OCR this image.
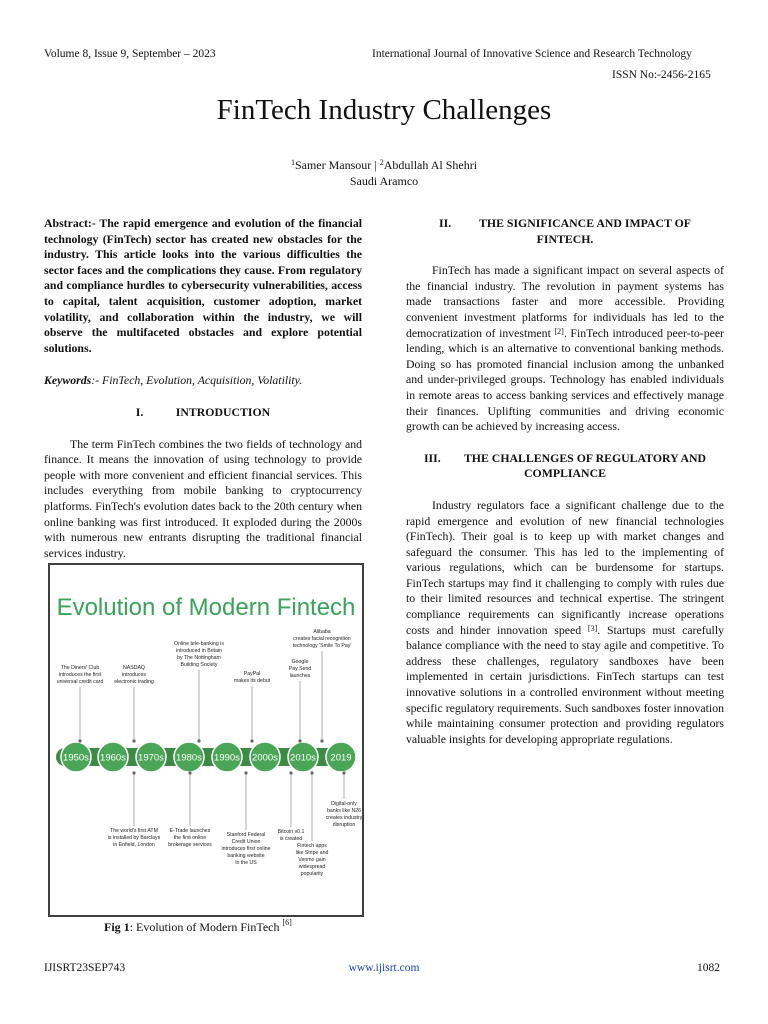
Volume 8, Issue 9, September – 2023	International Journal of Innovative Science and Research Technology
ISSN No:-2456-2165
FinTech Industry Challenges
$^1$Samer Mansour | $^2$Abdullah Al Shehri
Saudi Aramco

Abstract:- The rapid emergence and evolution of the financial technology (FinTech) sector has created new obstacles for the industry. This article looks into the various difficulties the sector faces and the complications they cause. From regulatory and compliance hurdles to cybersecurity vulnerabilities, access to capital, talent acquisition, customer adoption, market volatility, and collaboration within the industry, we will observe the multifaceted obstacles and explore potential solutions.

Keywords:- FinTech, Evolution, Acquisition, Volatility.

I.	INTRODUCTION

The term FinTech combines the two fields of technology and finance. It means the innovation of using technology to provide people with more convenient and efficient financial services. This includes everything from mobile banking to cryptocurrency platforms. FinTech's evolution dates back to the 20th century when online banking was first introduced. It exploded during the 2000s with numerous new entrants disrupting the traditional financial services industry.

Evolution of Modern Fintech
1950s 1960s 1970s 1980s 1990s 2000s 2010s 2019
The Diners' Club
introduces the first
universal credit card
NASDAQ
introduces
electronic trading
Online tele-banking is
introduced in Britain
by The Nottingham
Building Society
PayPal
makes its debut
Google
Pay Send
launches
Alibaba
creates facial recognition
technology 'Smile To Pay'
The world's first ATM
is installed by Barclays
in Enfield, London
E-Trade launches
the first online
brokerage services
Stanford Federal
Credit Union
introduces first online
banking website
in the US
Bitcoin v0.1
is created
Fintech apps
like Stripe and
Venmo gain
widespread
popularity
Digital-only
banks like N26
creates industry
disruption
Fig 1: Evolution of Modern FinTech [6]

II. THE SIGNIFICANCE AND IMPACT OF
FINTECH.

FinTech has made a significant impact on several aspects of the financial industry. The revolution in payment systems has made transactions faster and more accessible. Providing convenient investment platforms for individuals has led to the democratization of investment [2]. FinTech introduced peer-to-peer lending, which is an alternative to conventional banking methods. Doing so has promoted financial inclusion among the unbanked and under-privileged groups. Technology has enabled individuals in remote areas to access banking services and effectively manage their finances. Uplifting communities and driving economic growth can be achieved by increasing access.

III. THE CHALLENGES OF REGULATORY AND
COMPLIANCE

Industry regulators face a significant challenge due to the rapid emergence and evolution of new financial technologies (FinTech). Their goal is to keep up with market changes and safeguard the consumer. This has led to the implementing of various regulations, which can be burdensome for startups. FinTech startups may find it challenging to comply with rules due to their limited resources and technical expertise. The stringent compliance requirements can significantly increase operations costs and hinder innovation speed [3]. Startups must carefully balance compliance with the need to stay agile and competitive. To address these challenges, regulatory sandboxes have been implemented in certain jurisdictions. FinTech startups can test innovative solutions in a controlled environment without meeting specific regulatory requirements. Such sandboxes foster innovation while maintaining consumer protection and providing regulators valuable insights for developing appropriate regulations.

IJISRT23SEP743	www.ijisrt.com	1082
